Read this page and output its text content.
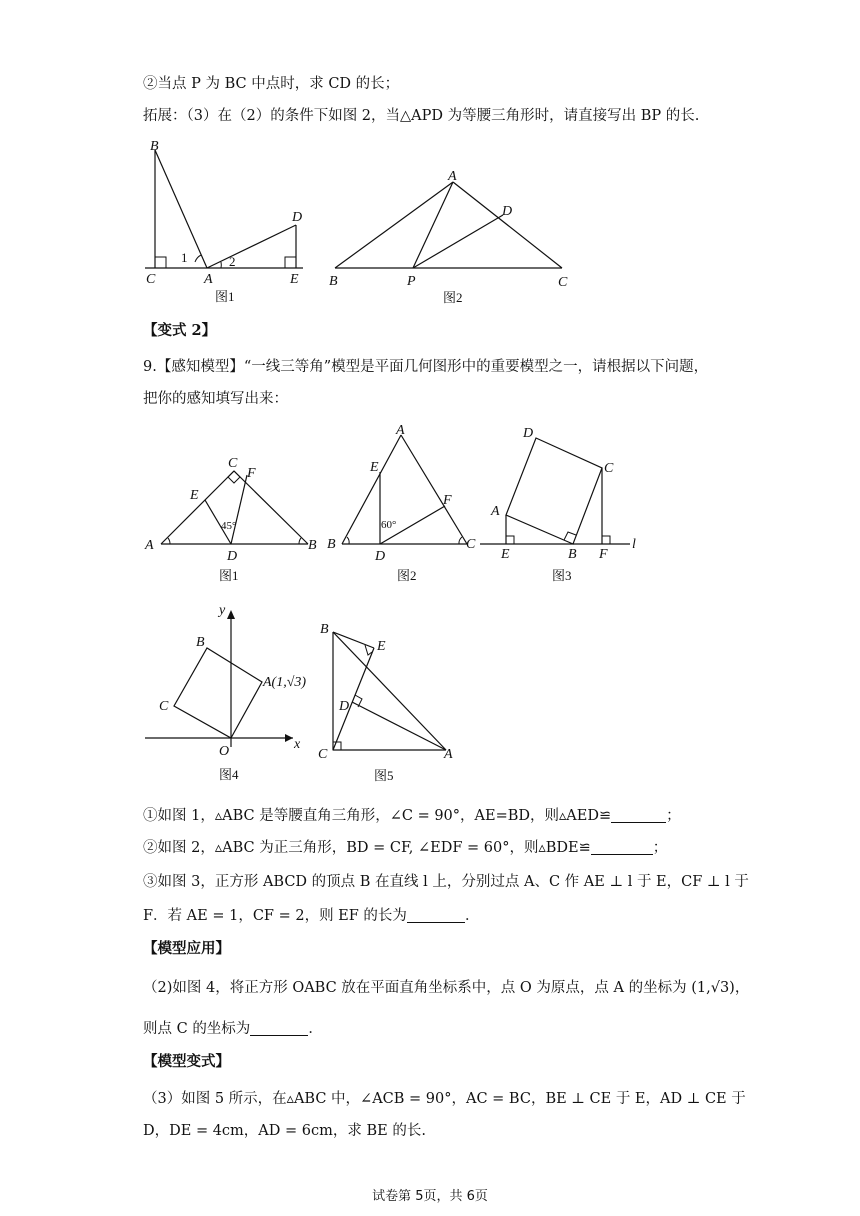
②当点 P 为 BC 中点时，求 CD 的长；
拓展：（3）在（2）的条件下如图 2，当△APD 为等腰三角形时，请直接写出 BP 的长.
B
C	A	E
D
1	2
图1
A
D
B	P	C
图2
【变式 2】
9.【感知模型】“一线三等角”模型是平面几何图形中的重要模型之一，请根据以下问题，
把你的感知填写出来：
C
F
E
A
D
B
45°
图1
A
E
F
B
D
C
60°
图2
D
C
A
E	B F
l
图3
y
B
A(1,√3)
C
O	x
图4
B
E
D
C	A
图5
①如图 1，▵ABC 是等腰直角三角形，∠C = 90°，AE=BD，则▵AED≌	；
②如图 2，▵ABC 为正三角形，BD = CF, ∠EDF = 60°，则▵BDE≌	；
③如图 3，正方形 ABCD 的顶点 B 在直线 l 上，分别过点 A、C 作 AE ⊥ l 于 E，CF ⊥ l 于
F．若 AE = 1，CF = 2，则 EF 的长为	．
【模型应用】
（2)如图 4，将正方形 OABC 放在平面直角坐标系中，点 O 为原点，点 A 的坐标为 (1,√3)，
则点 C 的坐标为	．
【模型变式】
（3）如图 5 所示，在▵ABC 中，∠ACB = 90°，AC = BC，BE ⊥ CE 于 E，AD ⊥ CE 于
D，DE = 4cm，AD = 6cm，求 BE 的长.
试卷第 5页，共 6页
